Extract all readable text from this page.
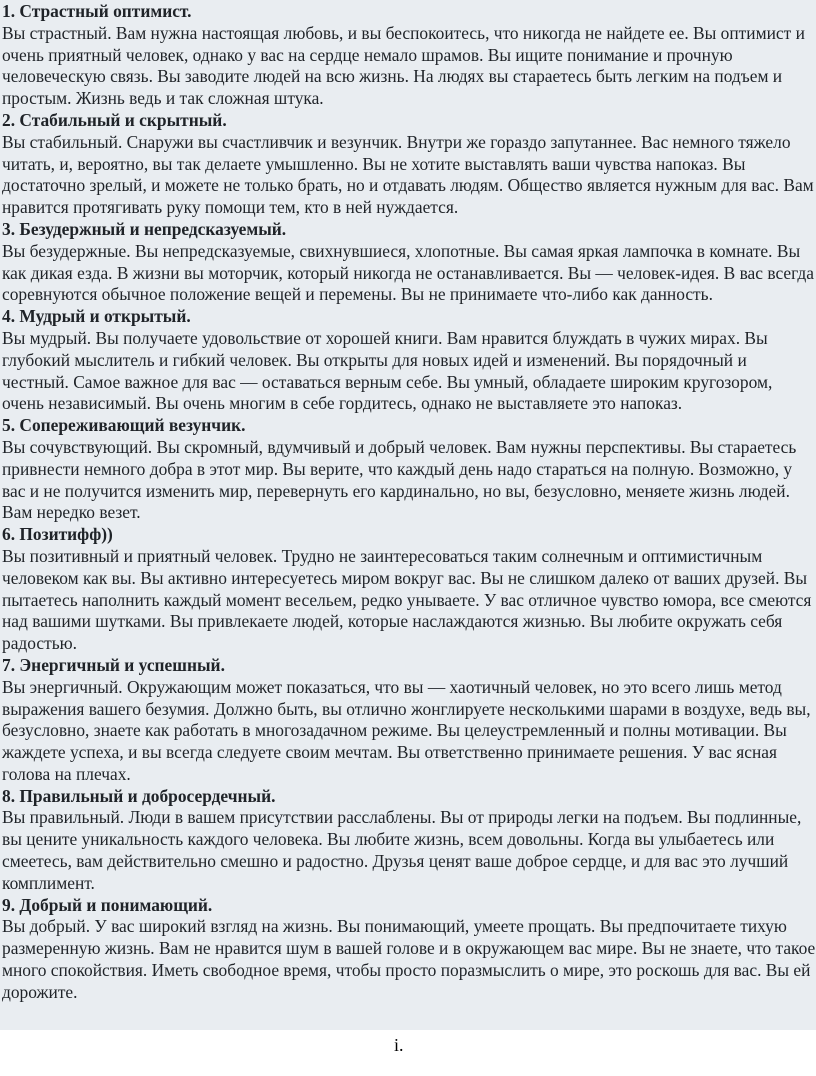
1. Страстный оптимист.

Вы страстный. Вам нужна настоящая любовь, и вы беспокоитесь, что никогда не найдете ее. Вы оптимист и очень приятный человек, однако у вас на сердце немало шрамов. Вы ищите понимание и прочную человеческую связь. Вы заводите людей на всю жизнь. На людях вы стараетесь быть легким на подъем и простым. Жизнь ведь и так сложная штука.

2. Стабильный и скрытный.

Вы стабильный. Снаружи вы счастливчик и везунчик. Внутри же гораздо запутаннее. Вас немного тяжело читать, и, вероятно, вы так делаете умышленно. Вы не хотите выставлять ваши чувства напоказ. Вы достаточно зрелый, и можете не только брать, но и отдавать людям. Общество является нужным для вас. Вам нравится протягивать руку помощи тем, кто в ней нуждается.

3. Безудержный и непредсказуемый.

Вы безудержные. Вы непредсказуемые, свихнувшиеся, хлопотные. Вы самая яркая лампочка в комнате. Вы как дикая езда. В жизни вы моторчик, который никогда не останавливается. Вы — человек-идея. В вас всегда соревнуются обычное положение вещей и перемены. Вы не принимаете что-либо как данность.

4. Мудрый и открытый.

Вы мудрый. Вы получаете удовольствие от хорошей книги. Вам нравится блуждать в чужих мирах. Вы глубокий мыслитель и гибкий человек. Вы открыты для новых идей и изменений. Вы порядочный и честный. Самое важное для вас — оставаться верным себе. Вы умный, обладаете широким кругозором, очень независимый. Вы очень многим в себе гордитесь, однако не выставляете это напоказ.

5. Сопереживающий везунчик.

Вы сочувствующий. Вы скромный, вдумчивый и добрый человек. Вам нужны перспективы. Вы стараетесь привнести немного добра в этот мир. Вы верите, что каждый день надо стараться на полную. Возможно, у вас и не получится изменить мир, перевернуть его кардинально, но вы, безусловно, меняете жизнь людей. Вам нередко везет.

6. Позитифф))

Вы позитивный и приятный человек. Трудно не заинтересоваться таким солнечным и оптимистичным человеком как вы. Вы активно интересуетесь миром вокруг вас. Вы не слишком далеко от ваших друзей. Вы пытаетесь наполнить каждый момент весельем, редко унываете. У вас отличное чувство юмора, все смеются над вашими шутками. Вы привлекаете людей, которые наслаждаются жизнью. Вы любите окружать себя радостью.

7. Энергичный и успешный.

Вы энергичный. Окружающим может показаться, что вы — хаотичный человек, но это всего лишь метод выражения вашего безумия. Должно быть, вы отлично жонглируете несколькими шарами в воздухе, ведь вы, безусловно, знаете как работать в многозадачном режиме. Вы целеустремленный и полны мотивации. Вы жаждете успеха, и вы всегда следуете своим мечтам. Вы ответственно принимаете решения. У вас ясная голова на плечах.

8. Правильный и добросердечный.

Вы правильный. Люди в вашем присутствии расслаблены. Вы от природы легки на подъем. Вы подлинные, вы цените уникальность каждого человека. Вы любите жизнь, всем довольны. Когда вы улыбаетесь или смеетесь, вам действительно смешно и радостно. Друзья ценят ваше доброе сердце, и для вас это лучший комплимент.

9. Добрый и понимающий.

Вы добрый. У вас широкий взгляд на жизнь. Вы понимающий, умеете прощать. Вы предпочитаете тихую размеренную жизнь. Вам не нравится шум в вашей голове и в окружающем вас мире. Вы не знаете, что такое много спокойствия. Иметь свободное время, чтобы просто поразмыслить о мире, это роскошь для вас. Вы ей дорожите.

i.
